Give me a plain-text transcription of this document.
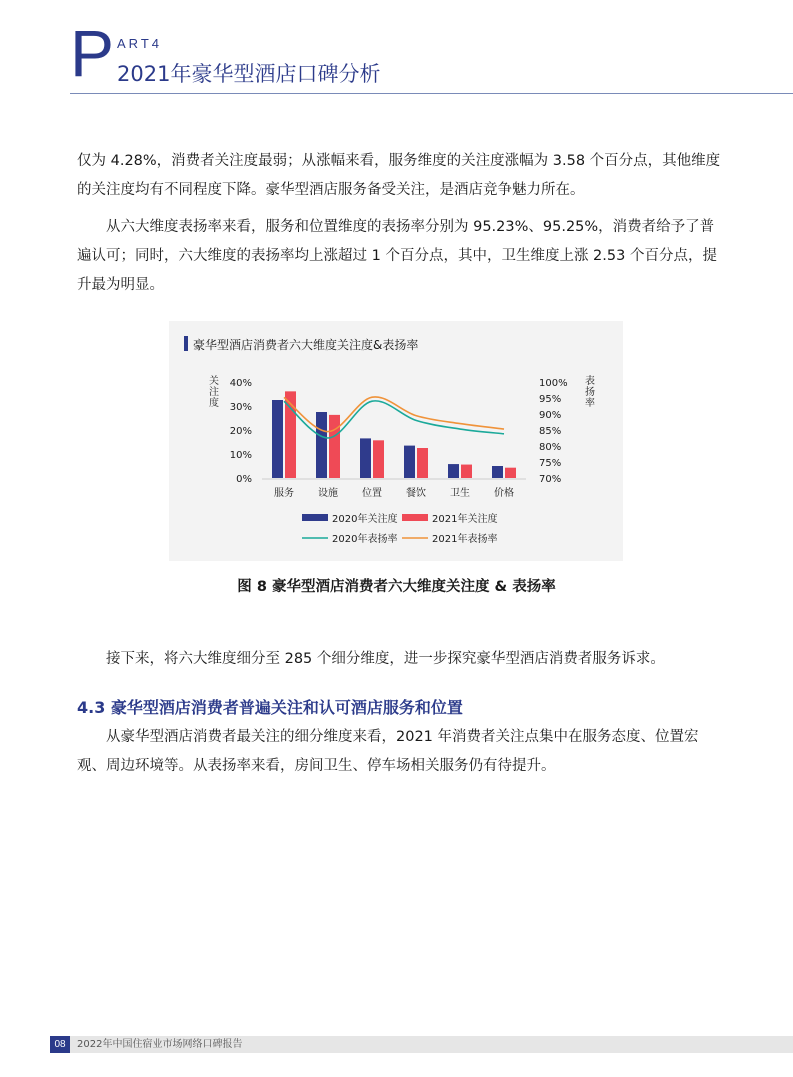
P ART4
2021年豪华型酒店口碑分析

仅为 4.28%，消费者关注度最弱；从涨幅来看，服务维度的关注度涨幅为 3.58 个百分点，其他维度的关注度均有不同程度下降。豪华型酒店服务备受关注，是酒店竞争魅力所在。

从六大维度表扬率来看，服务和位置维度的表扬率分别为 95.23%、95.25%，消费者给予了普遍认可；同时，六大维度的表扬率均上涨超过 1 个百分点，其中，卫生维度上涨 2.53 个百分点，提升最为明显。

豪华型酒店消费者六大维度关注度&表扬率
关注度
表扬率
40%
30%
20%
10%
0%
100%
95%
90%
85%
80%
75%
70%
服务 设施 位置 餐饮 卫生 价格
2020年关注度	2021年关注度
2020年表扬率	2021年表扬率
图 8 豪华型酒店消费者六大维度关注度 & 表扬率

接下来，将六大维度细分至 285 个细分维度，进一步探究豪华型酒店消费者服务诉求。

4.3 豪华型酒店消费者普遍关注和认可酒店服务和位置

从豪华型酒店消费者最关注的细分维度来看，2021 年消费者关注点集中在服务态度、位置宏观、周边环境等。从表扬率来看，房间卫生、停车场相关服务仍有待提升。

08	2022年中国住宿业市场网络口碑报告
